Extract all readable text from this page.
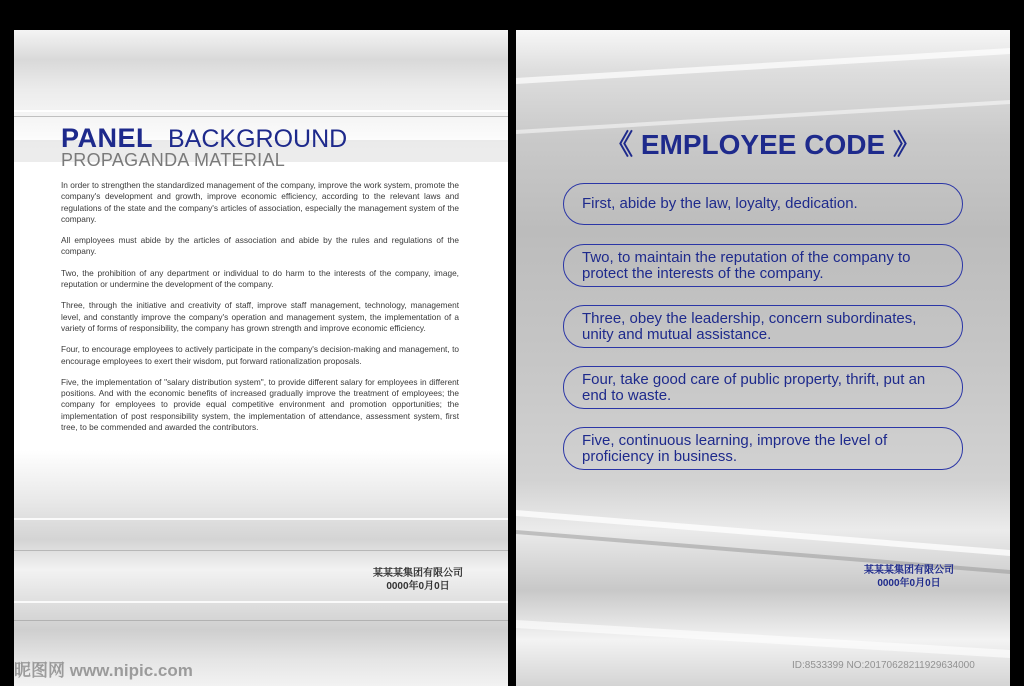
PANEL BACKGROUND
PROPAGANDA MATERIAL

In order to strengthen the standardized management of the company, improve the work system, promote the company's development and growth, improve economic efficiency, according to the relevant laws and regulations of the state and the company's articles of association, especially the management system of the company.

All employees must abide by the articles of association and abide by the rules and regulations of the company.

Two, the prohibition of any department or individual to do harm to the interests of the company, image, reputation or undermine the development of the company.

Three, through the initiative and creativity of staff, improve staff management, technology, management level, and constantly improve the company's operation and management system, the implementation of a variety of forms of responsibility, the company has grown strength and improve economic efficiency.

Four, to encourage employees to actively participate in the company's decision-making and management, to encourage employees to exert their wisdom, put forward rationalization proposals.

Five, the implementation of "salary distribution system", to provide different salary for employees in different positions. And with the economic benefits of increased gradually improve the treatment of employees; the company for employees to provide equal competitive environment and promotion opportunities; the implementation of post responsibility system, the implementation of attendance, assessment system, first tree, to be commended and awarded the contributors.

某某某集团有限公司
0000年0月0日
《 EMPLOYEE CODE 》
First, abide by the law, loyalty, dedication.
Two, to maintain the reputation of the company to protect the interests of the company.
Three, obey the leadership, concern subordinates, unity and mutual assistance.
Four, take good care of public property, thrift, put an end to waste.
Five, continuous learning, improve the level of proficiency in business.
某某某集团有限公司
0000年0月0日
昵图网 www.nipic.com	ID:8533399 NO:20170628211929634000
